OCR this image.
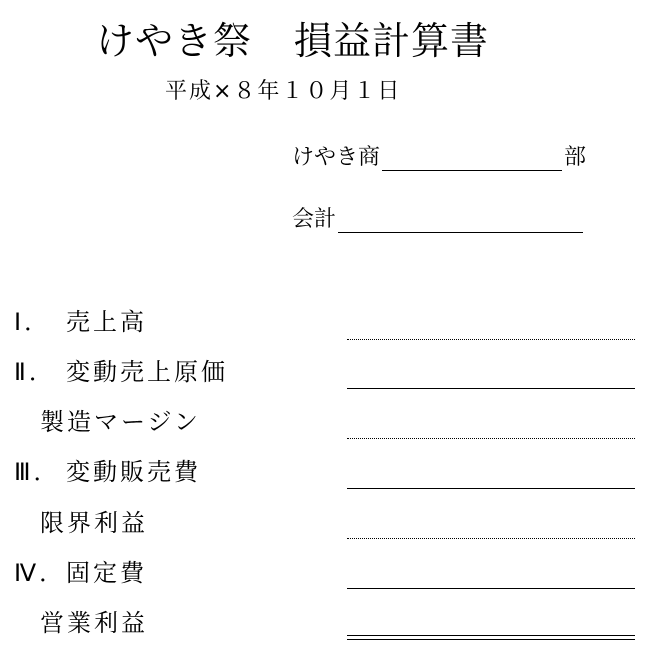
けやき祭 損益計算書
平成×８年１０月１日
けやき商	部
会計
Ⅰ． 売上高
Ⅱ． 変動売上原価
製造マージン
Ⅲ． 変動販売費
限界利益
Ⅳ．固定費
営業利益
